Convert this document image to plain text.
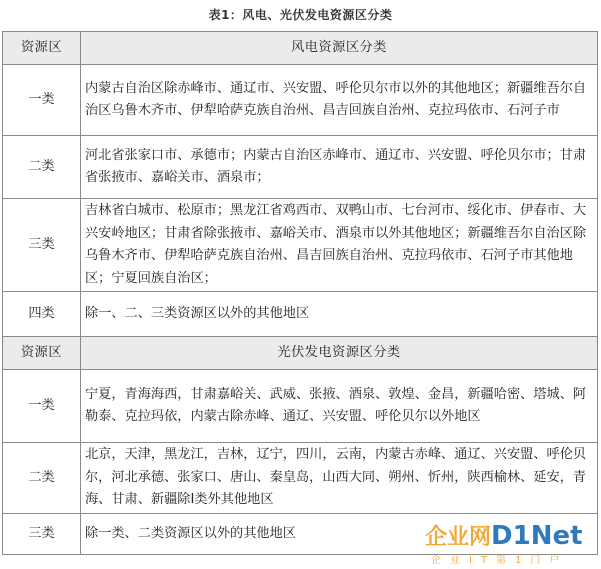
表1：风电、光伏发电资源区分类
资源区	风电资源区分类
一类	内蒙古自治区除赤峰市、通辽市、兴安盟、呼伦贝尔市以外的其他地区；新疆维吾尔自治区乌鲁木齐市、伊犁哈萨克族自治州、昌吉回族自治州、克拉玛依市、石河子市
二类	河北省张家口市、承德市；内蒙古自治区赤峰市、通辽市、兴安盟、呼伦贝尔市；甘肃省张掖市、嘉峪关市、酒泉市；
三类	吉林省白城市、松原市；黑龙江省鸡西市、双鸭山市、七台河市、绥化市、伊春市、大兴安岭地区；甘肃省除张掖市、嘉峪关市、酒泉市以外其他地区；新疆维吾尔自治区除乌鲁木齐市、伊犁哈萨克族自治州、昌吉回族自治州、克拉玛依市、石河子市其他地区；宁夏回族自治区；
四类	除一、二、三类资源区以外的其他地区
资源区	光伏发电资源区分类
一类	宁夏，青海海西，甘肃嘉峪关、武威、张掖、酒泉、敦煌、金昌，新疆哈密、塔城、阿勒泰、克拉玛依，内蒙古除赤峰、通辽、兴安盟、呼伦贝尔以外地区
二类	北京，天津，黑龙江，吉林，辽宁，四川，云南，内蒙古赤峰、通辽、兴安盟、呼伦贝尔，河北承德、张家口、唐山、秦皇岛，山西大同、朔州、忻州，陕西榆林、延安，青海、甘肃、新疆除Ⅰ类外其他地区
三类	除一类、二类资源区以外的其他地区	企业网D1Net
企业IT第1门户
